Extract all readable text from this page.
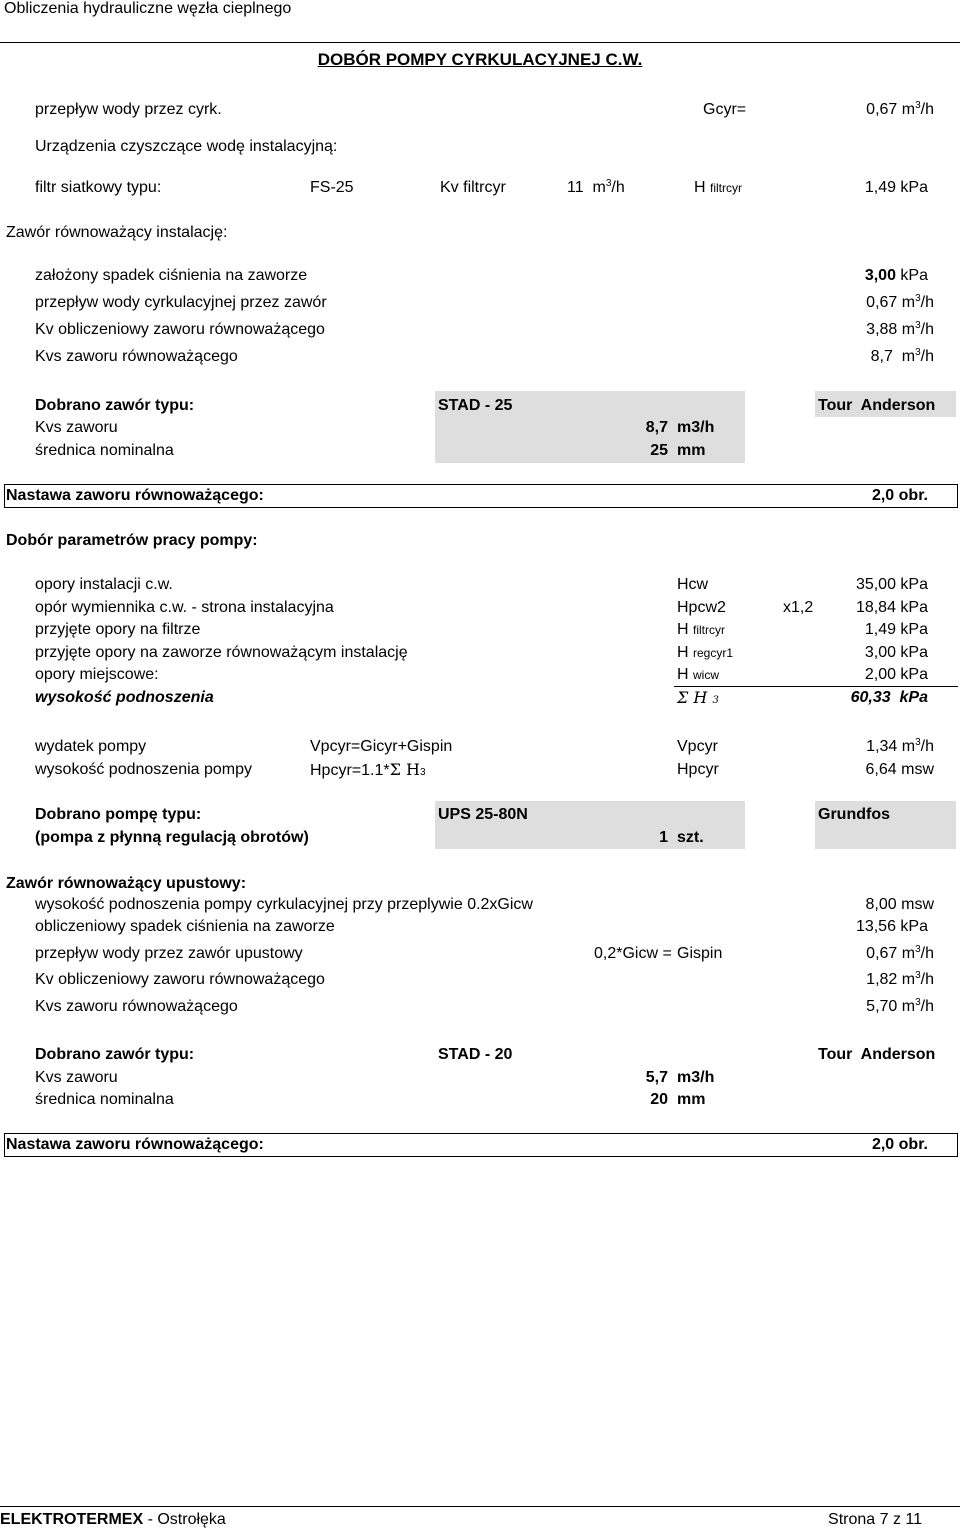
Obliczenia hydrauliczne węzła cieplnego
DOBÓR POMPY CYRKULACYJNEJ C.W.
przepływ wody przez cyrk.	Gcyr=	0,67 $m^3/h$
Urządzenia czyszczące wodę instalacyjną:
filtr siatkowy typu:	FS-25	Kv filtrcyr	11 $m^3/h$	H filtrcyr	1,49 kPa
Zawór równoważący instalację:
założony spadek ciśnienia na zaworze	3,00 kPa
przepływ wody cyrkulacyjnej przez zawór	0,67 $m^3/h$
Kv obliczeniowy zaworu równoważącego	3,88 $m^3/h$
Kvs zaworu równoważącego	8,7 $m^3/h$
Dobrano zawór typu:	STAD - 25	Tour Anderson
Kvs zaworu	8,7 m3/h
średnica nominalna	25 mm
Nastawa zaworu równoważącego:	2,0 obr.
Dobór parametrów pracy pompy:
opory instalacji c.w.	Hcw	35,00 kPa
opór wymiennika c.w. - strona instalacyjna	Hpcw2	x1,2	18,84 kPa
przyjęte opory na filtrze	H filtrcyr	1,49 kPa
przyjęte opory na zaworze równoważącym instalację	H regcyr1	3,00 kPa
opory miejscowe:	H wicw	2,00 kPa
wysokość podnoszenia	Σ H 3	60,33 kPa
wydatek pompy	Vpcyr=Gicyr+Gispin	Vpcyr	1,34 $m^3/h$
wysokość podnoszenia pompy	Hpcyr=1.1*Σ H3	Hpcyr	6,64 msw
Dobrano pompę typu:	UPS 25-80N	Grundfos
(pompa z płynną regulacją obrotów)	1 szt.
Zawór równoważący upustowy:
wysokość podnoszenia pompy cyrkulacyjnej przy przeplywie 0.2xGicw	8,00 msw
obliczeniowy spadek ciśnienia na zaworze	13,56 kPa
przepływ wody przez zawór upustowy	0,2*Gicw = Gispin	0,67 $m^3/h$
Kv obliczeniowy zaworu równoważącego	1,82 $m^3/h$
Kvs zaworu równoważącego	5,70 $m^3/h$
Dobrano zawór typu:	STAD - 20	Tour Anderson
Kvs zaworu	5,7 m3/h
średnica nominalna	20 mm
Nastawa zaworu równoważącego:	2,0 obr.
ELEKTROTERMEX - Ostrołęka	Strona 7 z 11
